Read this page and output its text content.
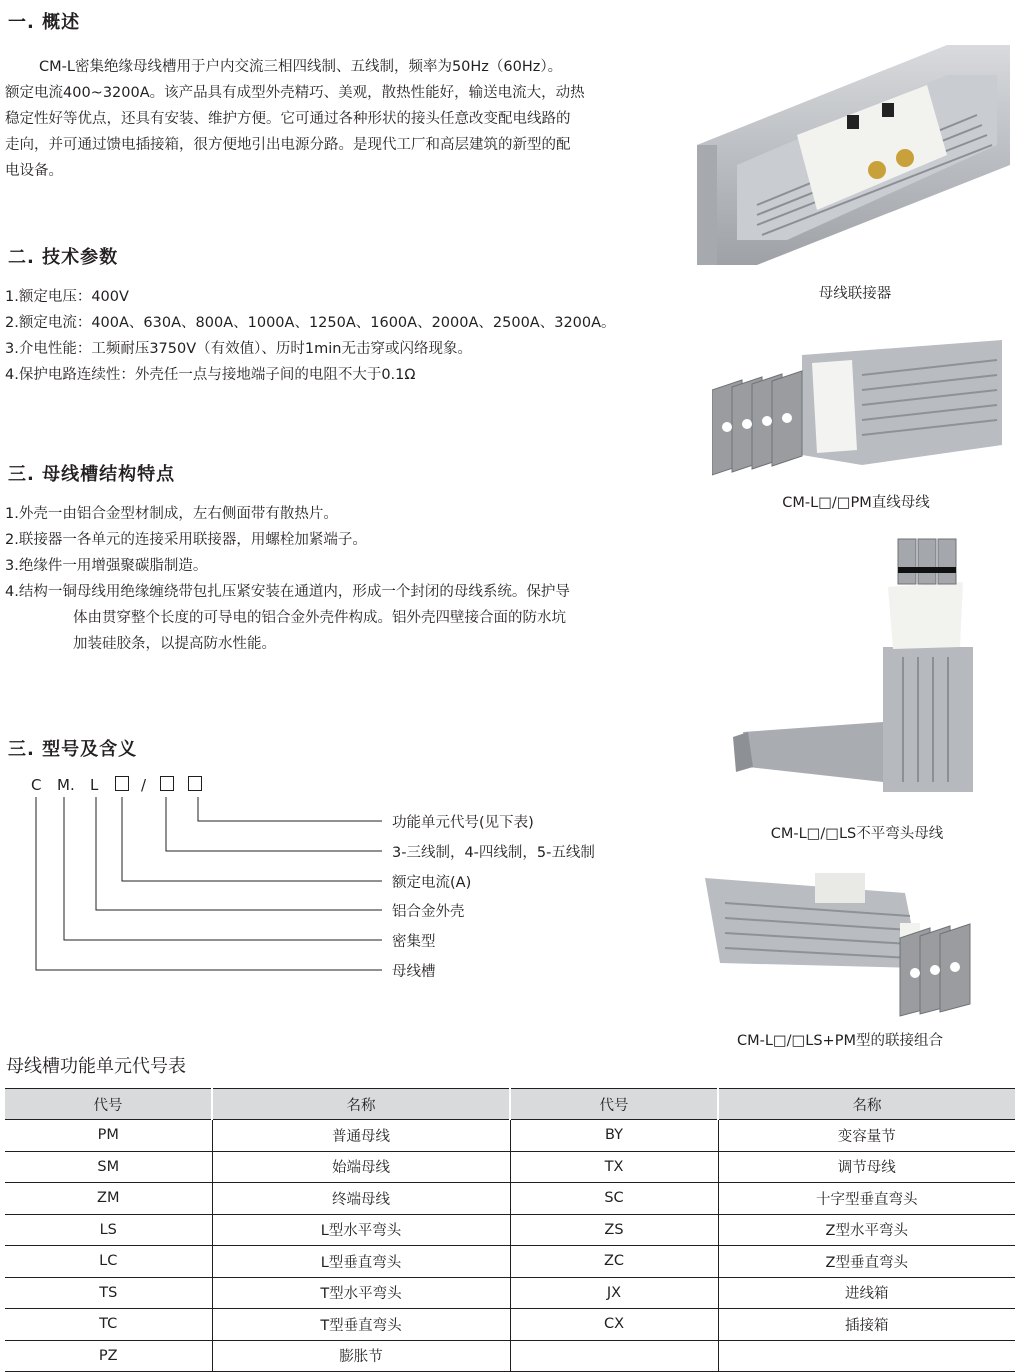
一. 概述
CM-L密集绝缘母线槽用于户内交流三相四线制、五线制，频率为50Hz（60Hz）。
额定电流400~3200A。该产品具有成型外壳精巧、美观，散热性能好，输送电流大，动热
稳定性好等优点，还具有安装、维护方便。它可通过各种形状的接头任意改变配电线路的
走向，并可通过馈电插接箱，很方便地引出电源分路。是现代工厂和高层建筑的新型的配
电设备。
二. 技术参数
1.额定电压：400V
2.额定电流：400A、630A、800A、1000A、1250A、1600A、2000A、2500A、3200A。
3.介电性能：工频耐压3750V（有效值）、历时1min无击穿或闪络现象。
4.保护电路连续性：外壳任一点与接地端子间的电阻不大于0.1Ω
三. 母线槽结构特点
1.外壳一由铝合金型材制成，左右侧面带有散热片。
2.联接器一各单元的连接采用联接器，用螺栓加紧端子。
3.绝缘件一用增强聚碳脂制造。
4.结构一铜母线用绝缘缠绕带包扎压紧安装在通道内，形成一个封闭的母线系统。保护导
体由贯穿整个长度的可导电的铝合金外壳件构成。铝外壳四壁接合面的防水坑
加装硅胶条，以提高防水性能。
三. 型号及含义
C M. L	/
功能单元代号(见下表)
3-三线制，4-四线制，5-五线制
额定电流(A)
铝合金外壳
密集型
母线槽
母线联接器
CM-L□/□PM直线母线
CM-L□/□LS不平弯头母线
CM-L□/□LS+PM型的联接组合
母线槽功能单元代号表
代号	名称	代号	名称
PM	普通母线	BY	变容量节
SM	始端母线	TX	调节母线
ZM	终端母线	SC	十字型垂直弯头
LS	L型水平弯头	ZS	Z型水平弯头
LC	L型垂直弯头	ZC	Z型垂直弯头
TS	T型水平弯头	JX	进线箱
TC	T型垂直弯头	CX	插接箱
PZ	膨胀节		
